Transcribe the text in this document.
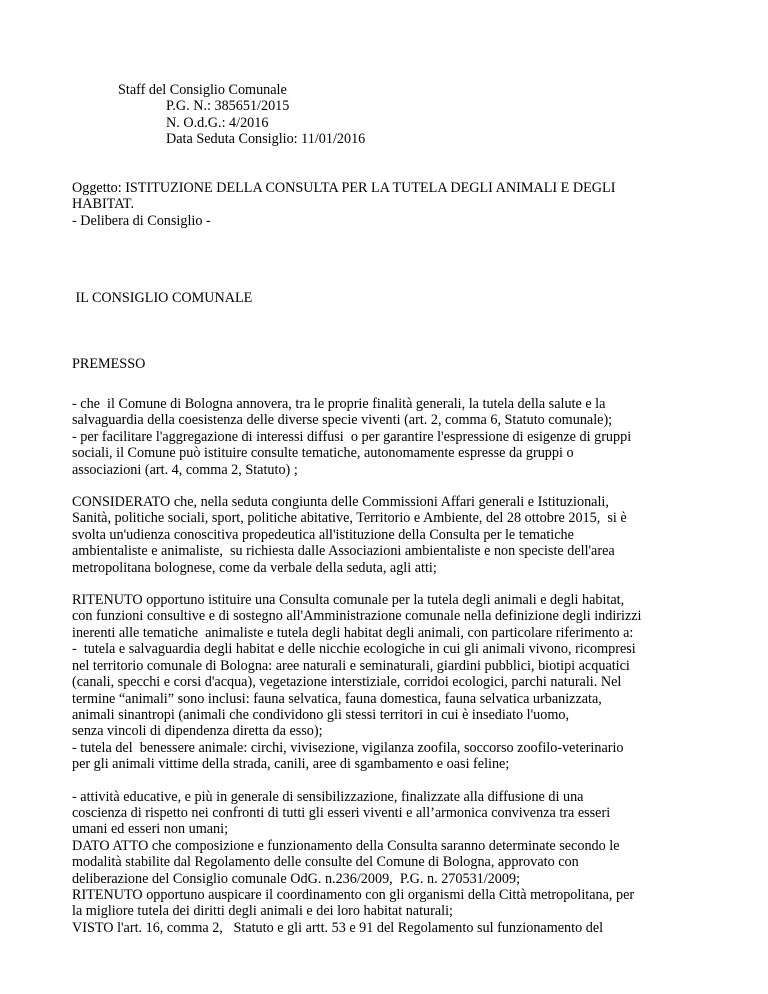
Staff del Consiglio Comunale
P.G. N.: 385651/2015
N. O.d.G.: 4/2016
Data Seduta Consiglio: 11/01/2016
Oggetto: ISTITUZIONE DELLA CONSULTA PER LA TUTELA DEGLI ANIMALI E DEGLI
HABITAT.
- Delibera di Consiglio -
IL CONSIGLIO COMUNALE
PREMESSO
- che  il Comune di Bologna annovera, tra le proprie finalità generali, la tutela della salute e la
salvaguardia della coesistenza delle diverse specie viventi (art. 2, comma 6, Statuto comunale);
- per facilitare l'aggregazione di interessi diffusi  o per garantire l'espressione di esigenze di gruppi
sociali, il Comune può istituire consulte tematiche, autonomamente espresse da gruppi o
associazioni (art. 4, comma 2, Statuto) ;
CONSIDERATO che, nella seduta congiunta delle Commissioni Affari generali e Istituzionali,
Sanità, politiche sociali, sport, politiche abitative, Territorio e Ambiente, del 28 ottobre 2015,  si è
svolta un'udienza conoscitiva propedeutica all'istituzione della Consulta per le tematiche
ambientaliste e animaliste,  su richiesta dalle Associazioni ambientaliste e non speciste dell'area
metropolitana bolognese, come da verbale della seduta, agli atti;
RITENUTO opportuno istituire una Consulta comunale per la tutela degli animali e degli habitat,
con funzioni consultive e di sostegno all'Amministrazione comunale nella definizione degli indirizzi
inerenti alle tematiche  animaliste e tutela degli habitat degli animali, con particolare riferimento a:
-  tutela e salvaguardia degli habitat e delle nicchie ecologiche in cui gli animali vivono, ricompresi
nel territorio comunale di Bologna: aree naturali e seminaturali, giardini pubblici, biotipi acquatici
(canali, specchi e corsi d'acqua), vegetazione interstiziale, corridoi ecologici, parchi naturali. Nel
termine “animali” sono inclusi: fauna selvatica, fauna domestica, fauna selvatica urbanizzata,
animali sinantropi (animali che condividono gli stessi territori in cui è insediato l'uomo,
senza vincoli di dipendenza diretta da esso);
- tutela del  benessere animale: circhi, vivisezione, vigilanza zoofila, soccorso zoofilo-veterinario
per gli animali vittime della strada, canili, aree di sgambamento e oasi feline;
- attività educative, e più in generale di sensibilizzazione, finalizzate alla diffusione di una
coscienza di rispetto nei confronti di tutti gli esseri viventi e all’armonica convivenza tra esseri
umani ed esseri non umani;
DATO ATTO che composizione e funzionamento della Consulta saranno determinate secondo le
modalità stabilite dal Regolamento delle consulte del Comune di Bologna, approvato con
deliberazione del Consiglio comunale OdG. n.236/2009,  P.G. n. 270531/2009;
RITENUTO opportuno auspicare il coordinamento con gli organismi della Città metropolitana, per
la migliore tutela dei diritti degli animali e dei loro habitat naturali;
VISTO l'art. 16, comma 2,   Statuto e gli artt. 53 e 91 del Regolamento sul funzionamento del
